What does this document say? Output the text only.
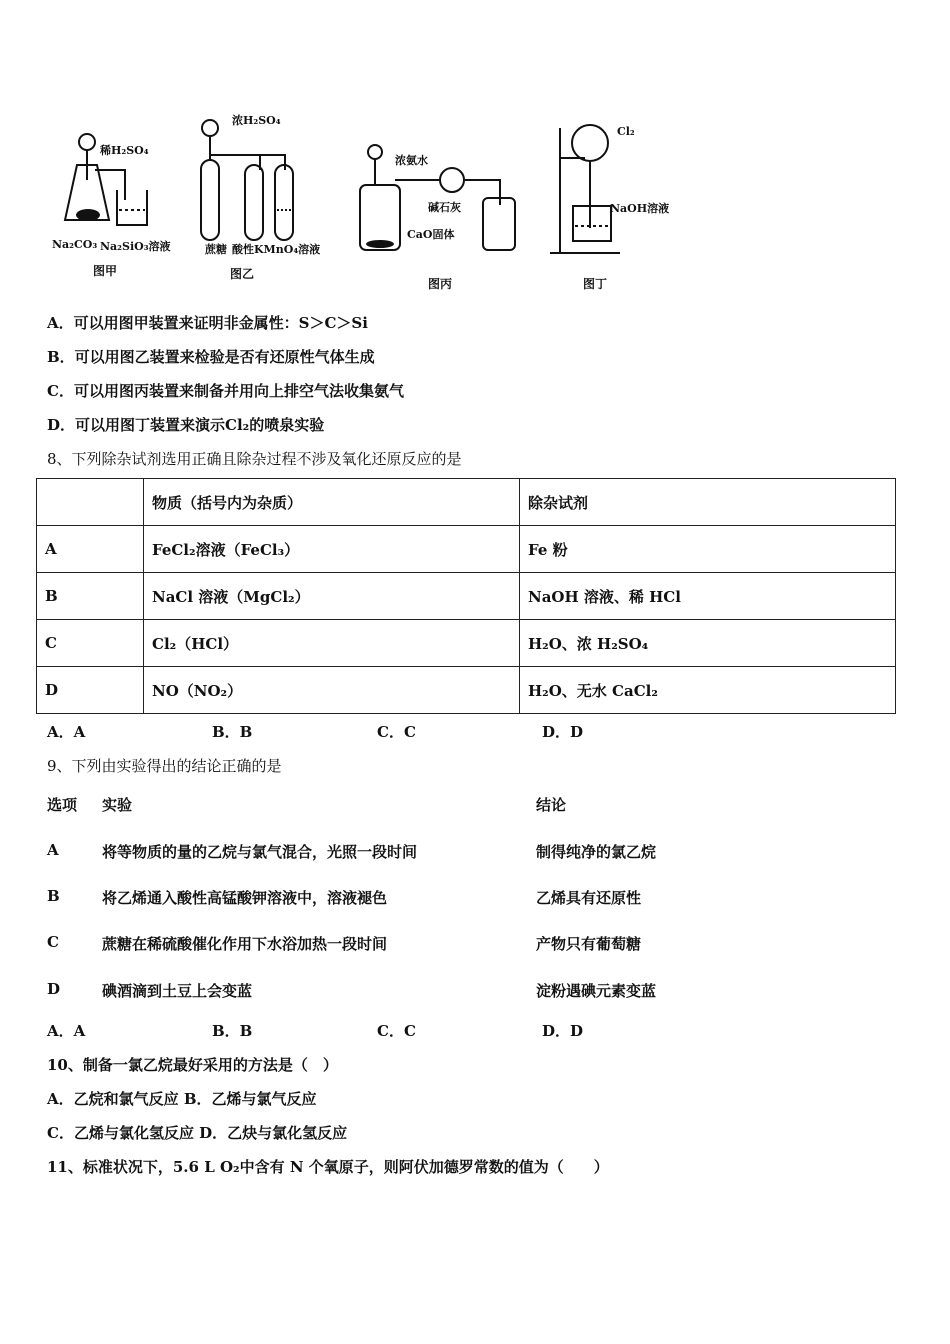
稀H₂SO₄
Na₂CO₃ Na₂SiO₃溶液
图甲
浓H₂SO₄
蔗糖 酸性KMnO₄溶液
图乙
浓氨水
碱石灰
CaO固体
图丙
Cl₂
NaOH溶液
图丁
A．可以用图甲装置来证明非金属性：S＞C＞Si
B．可以用图乙装置来检验是否有还原性气体生成
C．可以用图丙装置来制备并用向上排空气法收集氨气
D．可以用图丁装置来演示Cl₂的喷泉实验
8、下列除杂试剂选用正确且除杂过程不涉及氧化还原反应的是
	物质（括号内为杂质）	除杂试剂
A	FeCl₂溶液（FeCl₃）	Fe 粉
B	NaCl 溶液（MgCl₂）	NaOH 溶液、稀 HCl
C	Cl₂（HCl）	H₂O、浓 H₂SO₄
D	NO（NO₂）	H₂O、无水 CaCl₂
A．A	B．B	C．C	D．D
9、下列由实验得出的结论正确的是
选项 实验	结论
A	将等物质的量的乙烷与氯气混合，光照一段时间	制得纯净的氯乙烷
B	将乙烯通入酸性高锰酸钾溶液中，溶液褪色	乙烯具有还原性
C	蔗糖在稀硫酸催化作用下水浴加热一段时间	产物只有葡萄糖
D	碘酒滴到土豆上会变蓝	淀粉遇碘元素变蓝
A．A	B．B	C．C	D．D
10、制备一氯乙烷最好采用的方法是（　）
A．乙烷和氯气反应 B．乙烯与氯气反应
C．乙烯与氯化氢反应 D．乙炔与氯化氢反应
11、标准状况下，5.6 L O₂中含有 N 个氧原子，则阿伏加德罗常数的值为（　　）
